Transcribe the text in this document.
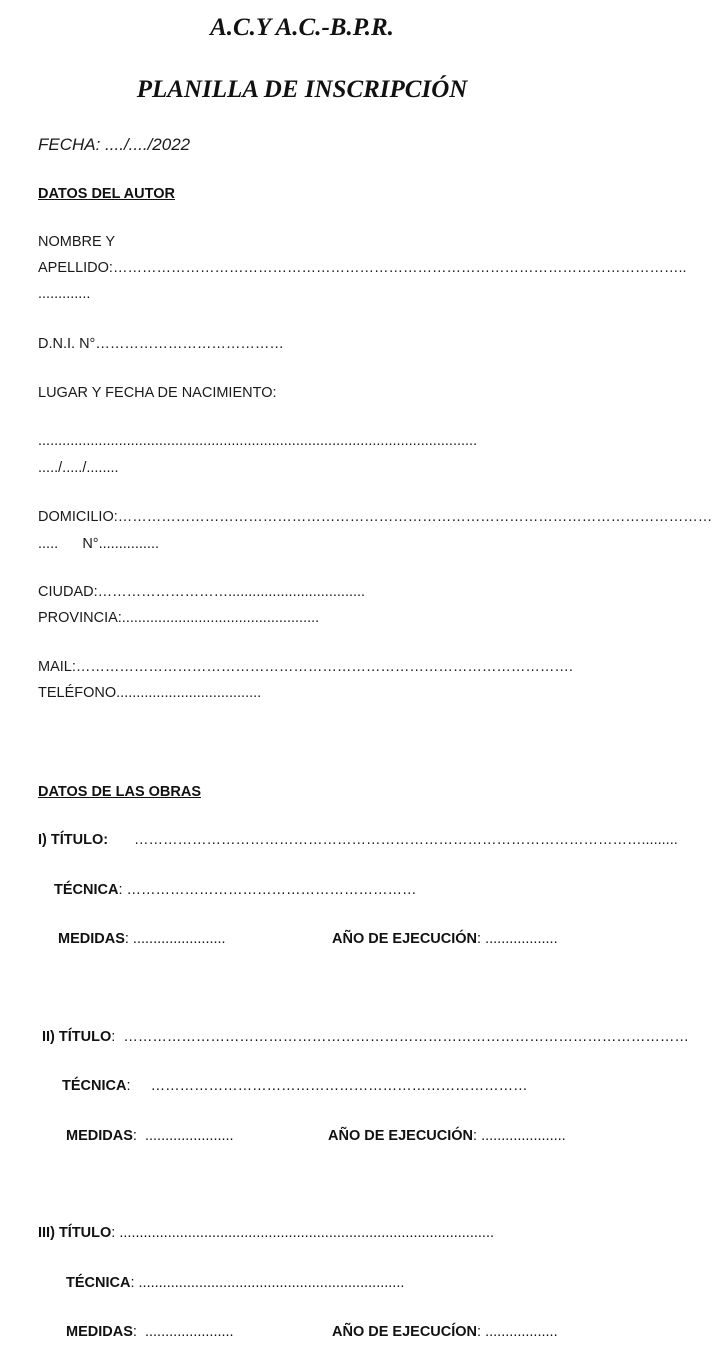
A.C.Y A.C.-B.P.R.
PLANILLA DE INSCRIPCIÓN
FECHA: ..../..../2022
DATOS DEL AUTOR
NOMBRE Y
APELLIDO:………………………………………………………………………………………………………..
.............
D.N.I. N°…………………………………
LUGAR Y FECHA DE NACIMIENTO:
.............................................................................................................
...../...../........
DOMICILIO:……………………………………………………………………………………………………………
.....      N°...............
CIUDAD:………………………..................................
PROVINCIA:.................................................
MAIL:………………………………………………………………………………………….
TELÉFONO....................................
DATOS DE LAS OBRAS
I) TÍTULO: …………………………………………………………………………………………….........
TÉCNICA: ……………………………………………………
MEDIDAS: .......................	AÑO DE EJECUCIÓN: ..................
II) TÍTULO:  ………………………………………………………………………………………………………
TÉCNICA:     ……………………………………………………………………
MEDIDAS:  ......................	AÑO DE EJECUCIÓN: .....................
III) TÍTULO: .............................................................................................
TÉCNICA: ..................................................................
MEDIDAS:  ......................	AÑO DE EJECUCÍON: ..................
